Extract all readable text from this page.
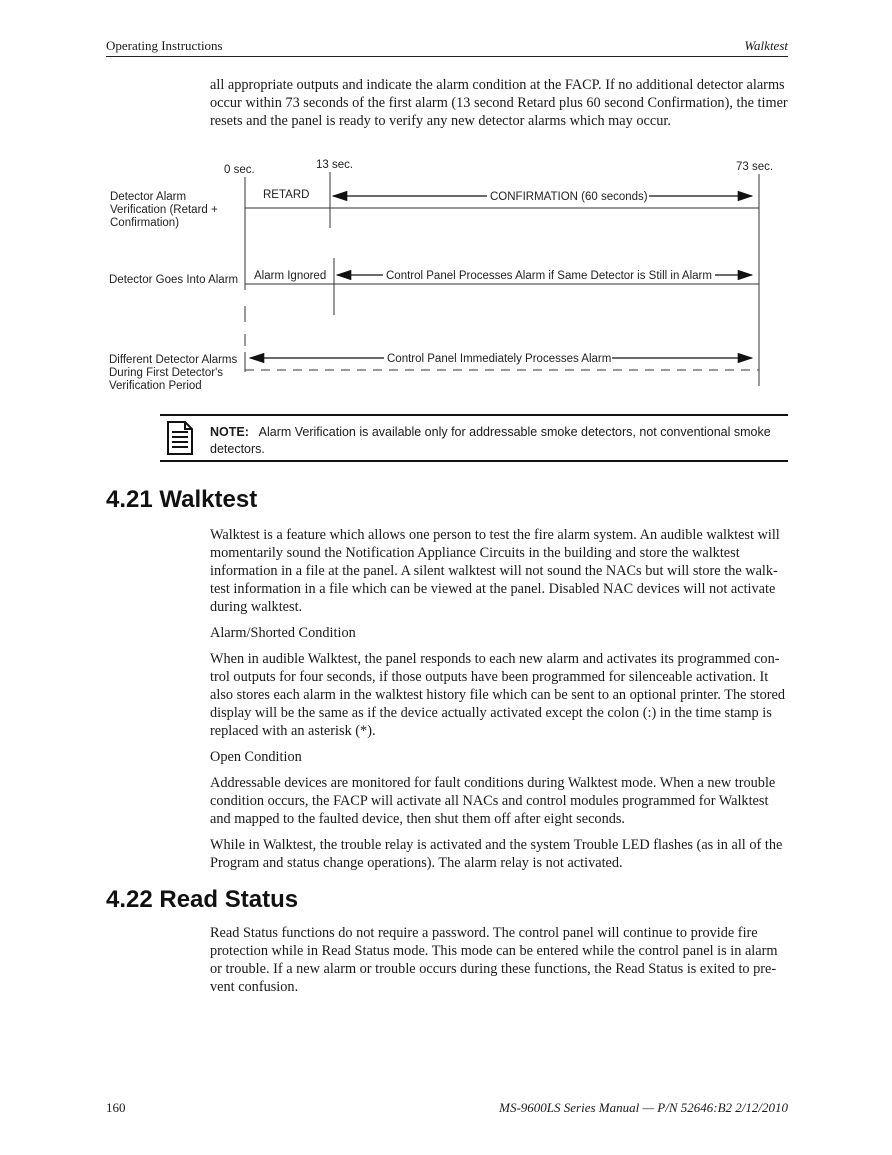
Operating Instructions	Walktest

all appropriate outputs and indicate the alarm condition at the FACP. If no additional detector alarms occur within 73 seconds of the first alarm (13 second Retard plus 60 second Confirmation), the timer resets and the panel is ready to verify any new detector alarms which may occur.

0 sec.	13 sec.	73 sec.
Detector Alarm Verification (Retard + Confirmation)
RETARD	CONFIRMATION (60 seconds)
Detector Goes Into Alarm Alarm Ignored	Control Panel Processes Alarm if Same Detector is Still in Alarm
Different Detector Alarms During First Detector's Verification Period
Control Panel Immediately Processes Alarm
NOTE: Alarm Verification is available only for addressable smoke detectors, not conventional smoke detectors.
4.21 Walktest

Walktest is a feature which allows one person to test the fire alarm system. An audible walktest will momentarily sound the Notification Appliance Circuits in the building and store the walktest information in a file at the panel. A silent walktest will not sound the NACs but will store the walk-test information in a file which can be viewed at the panel. Disabled NAC devices will not activate during walktest.

Alarm/Shorted Condition

When in audible Walktest, the panel responds to each new alarm and activates its programmed con-trol outputs for four seconds, if those outputs have been programmed for silenceable activation. It also stores each alarm in the walktest history file which can be sent to an optional printer. The stored display will be the same as if the device actually activated except the colon (:) in the time stamp is replaced with an asterisk (*).

Open Condition

Addressable devices are monitored for fault conditions during Walktest mode. When a new trouble condition occurs, the FACP will activate all NACs and control modules programmed for Walktest and mapped to the faulted device, then shut them off after eight seconds.

While in Walktest, the trouble relay is activated and the system Trouble LED flashes (as in all of the Program and status change operations). The alarm relay is not activated.

4.22 Read Status

Read Status functions do not require a password. The control panel will continue to provide fire protection while in Read Status mode. This mode can be entered while the control panel is in alarm or trouble. If a new alarm or trouble occurs during these functions, the Read Status is exited to pre-vent confusion.

160	MS-9600LS Series Manual — P/N 52646:B2 2/12/2010
